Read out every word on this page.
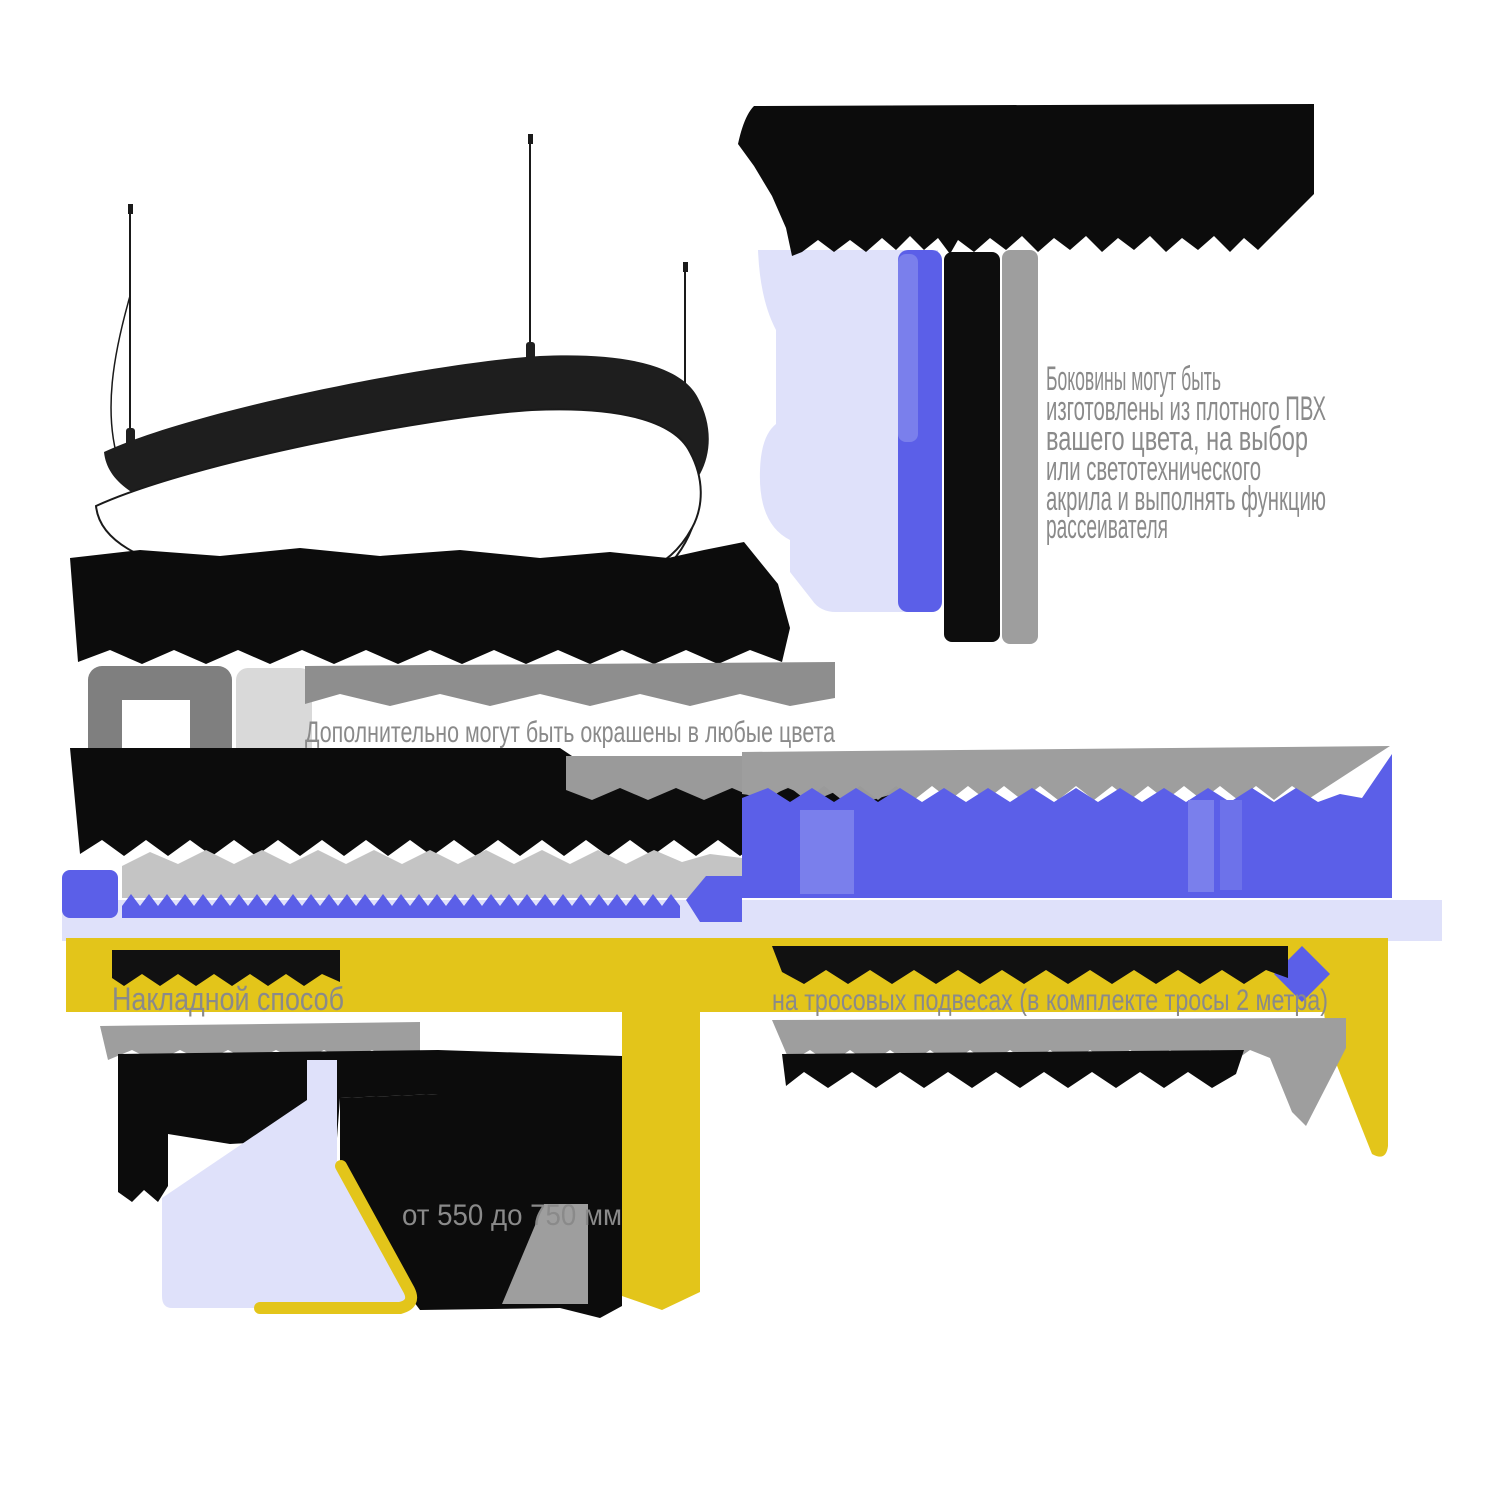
Боковины могут быть
изготовлены из плотного ПВХ
вашего цвета, на выбор
или светотехнического
акрила и выполнять функцию
рассеивателя
Дополнительно могут быть окрашены в любые цвета
Накладной способ	на тросовых подвесах (в комплекте тросы 2 метра)
от 550 до 750 мм
